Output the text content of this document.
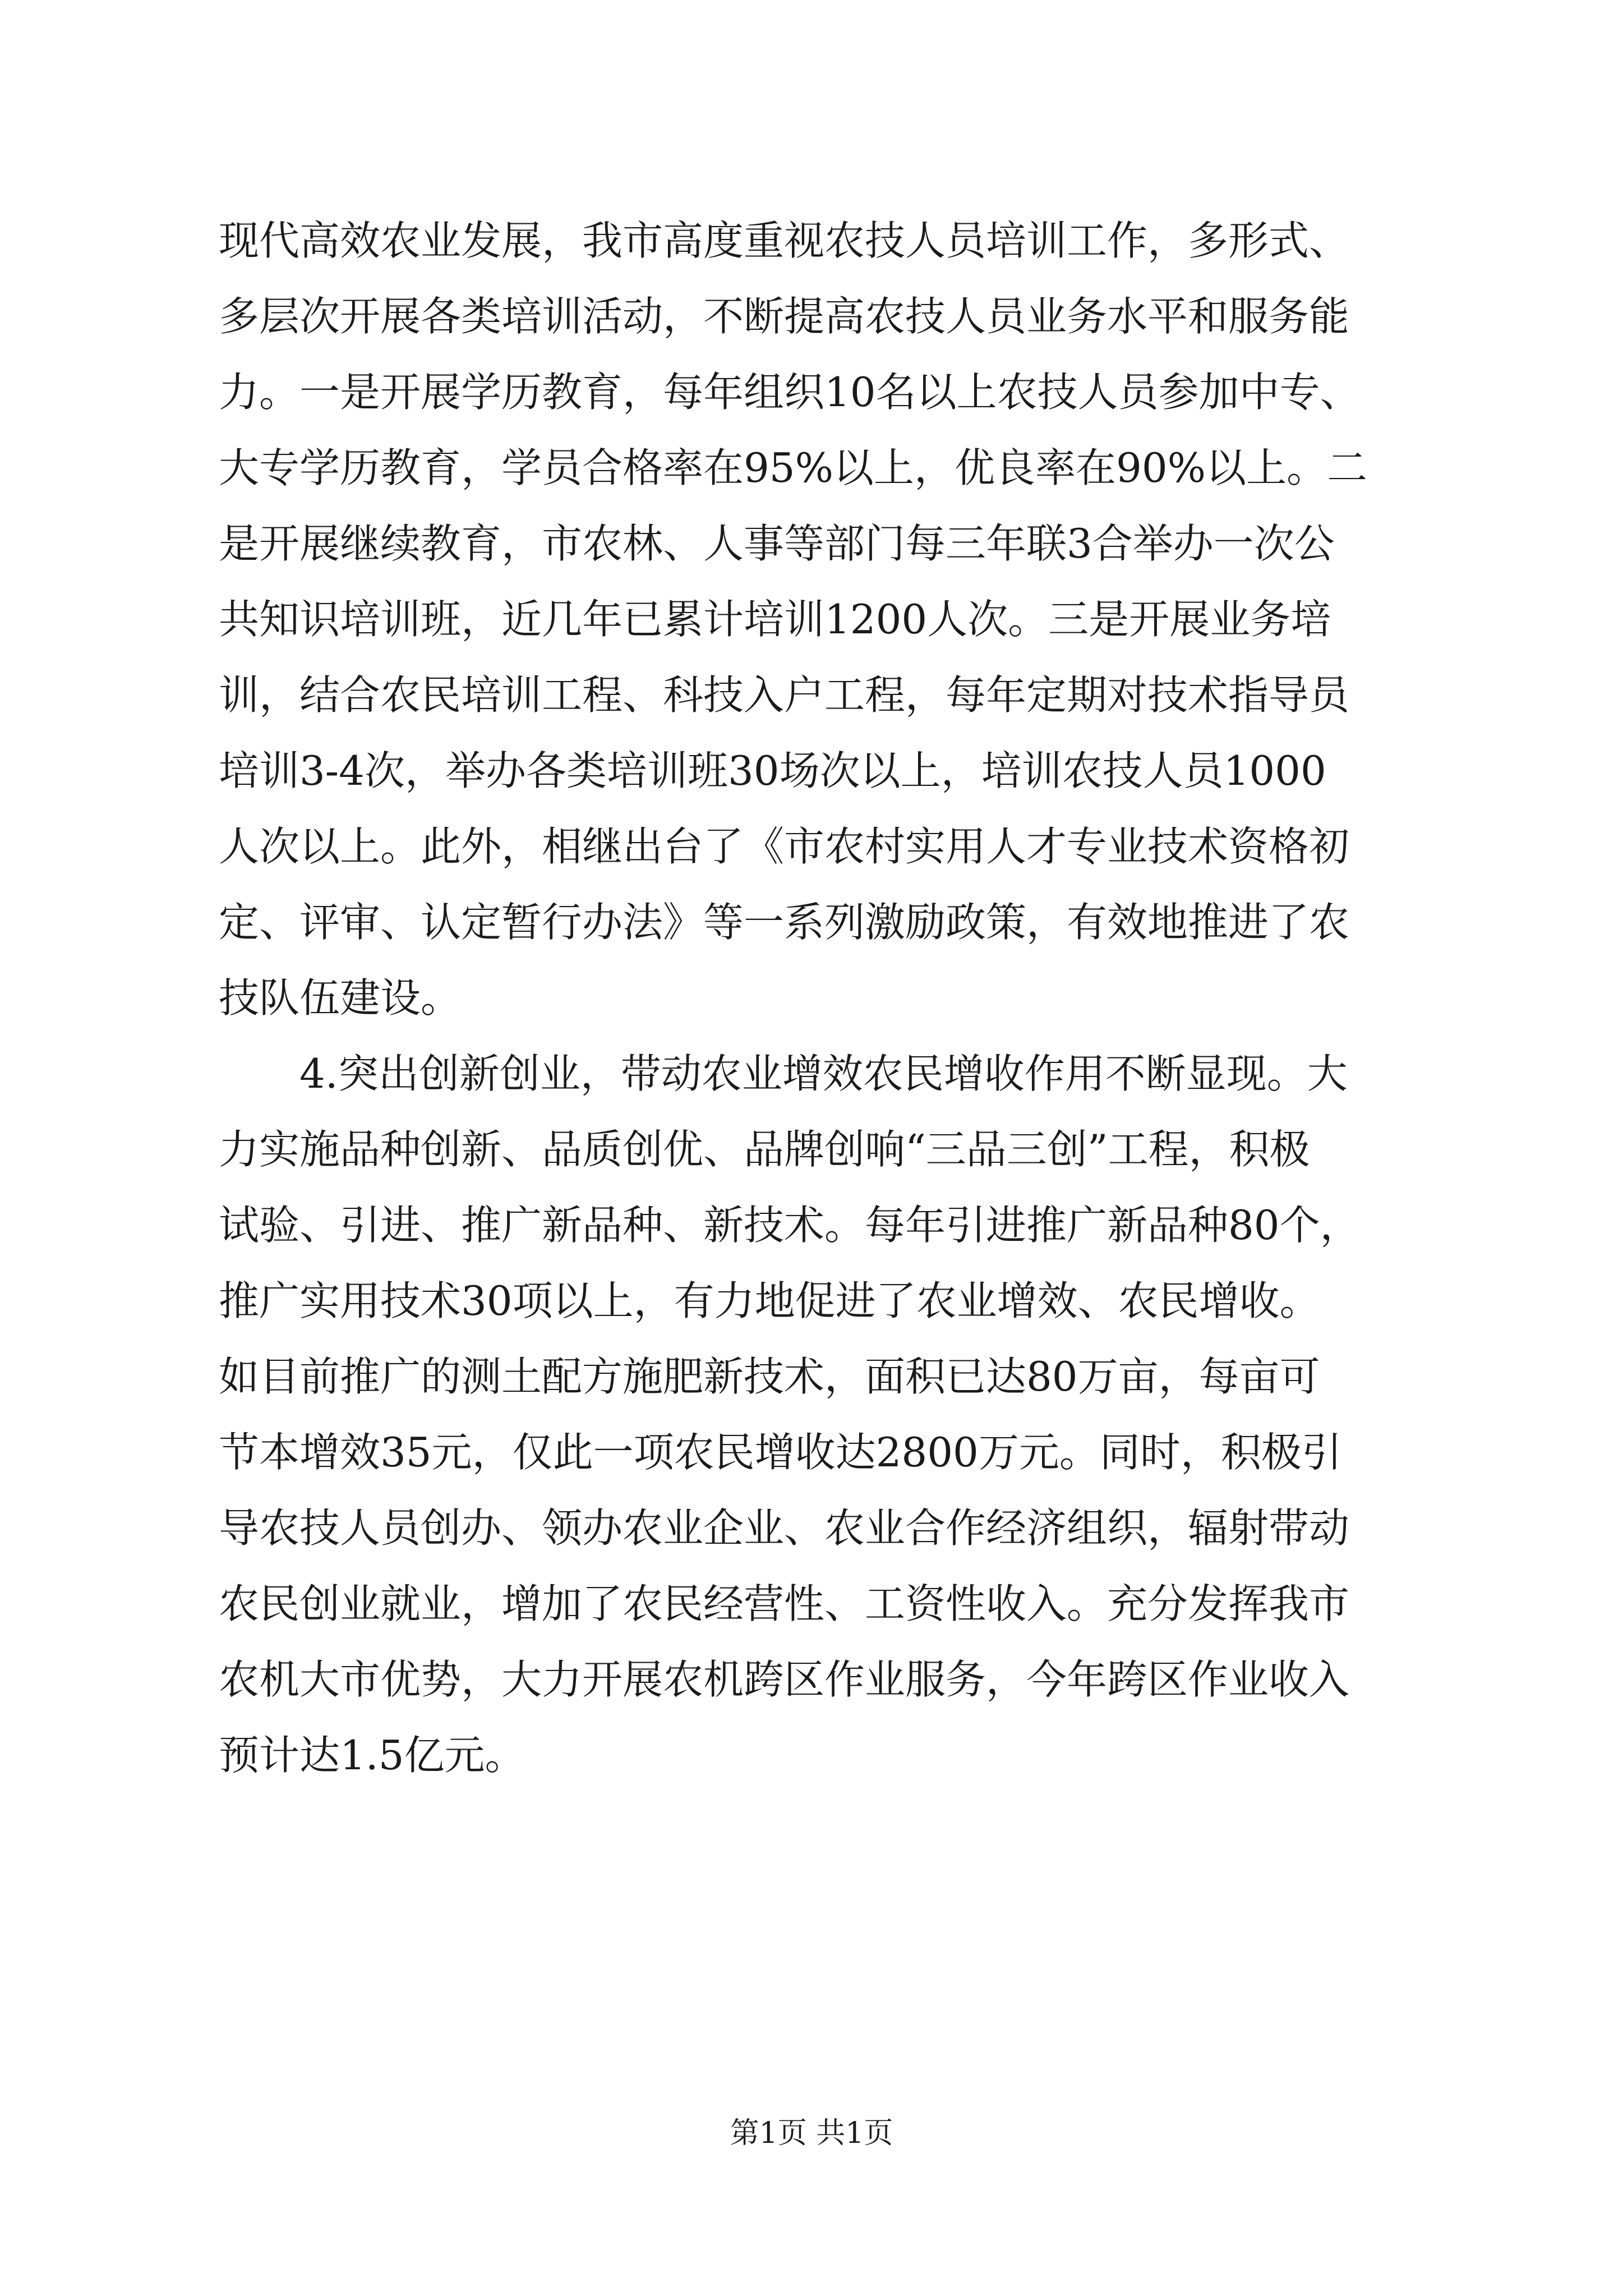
现代高效农业发展，我市高度重视农技人员培训工作，多形式、
多层次开展各类培训活动，不断提高农技人员业务水平和服务能
力。一是开展学历教育，每年组织10名以上农技人员参加中专、
大专学历教育，学员合格率在95%以上，优良率在90%以上。二
是开展继续教育，市农林、人事等部门每三年联3合举办一次公
共知识培训班，近几年已累计培训1200人次。三是开展业务培
训，结合农民培训工程、科技入户工程，每年定期对技术指导员
培训3-4次，举办各类培训班30场次以上，培训农技人员1000
人次以上。此外，相继出台了《市农村实用人才专业技术资格初
定、评审、认定暂行办法》等一系列激励政策，有效地推进了农
技队伍建设。
4.突出创新创业，带动农业增效农民增收作用不断显现。大
力实施品种创新、品质创优、品牌创响“三品三创”工程，积极
试验、引进、推广新品种、新技术。每年引进推广新品种80个，
推广实用技术30项以上，有力地促进了农业增效、农民增收。
如目前推广的测土配方施肥新技术，面积已达80万亩，每亩可
节本增效35元，仅此一项农民增收达2800万元。同时，积极引
导农技人员创办、领办农业企业、农业合作经济组织，辐射带动
农民创业就业，增加了农民经营性、工资性收入。充分发挥我市
农机大市优势，大力开展农机跨区作业服务，今年跨区作业收入
预计达1.5亿元。
第1页 共1页
